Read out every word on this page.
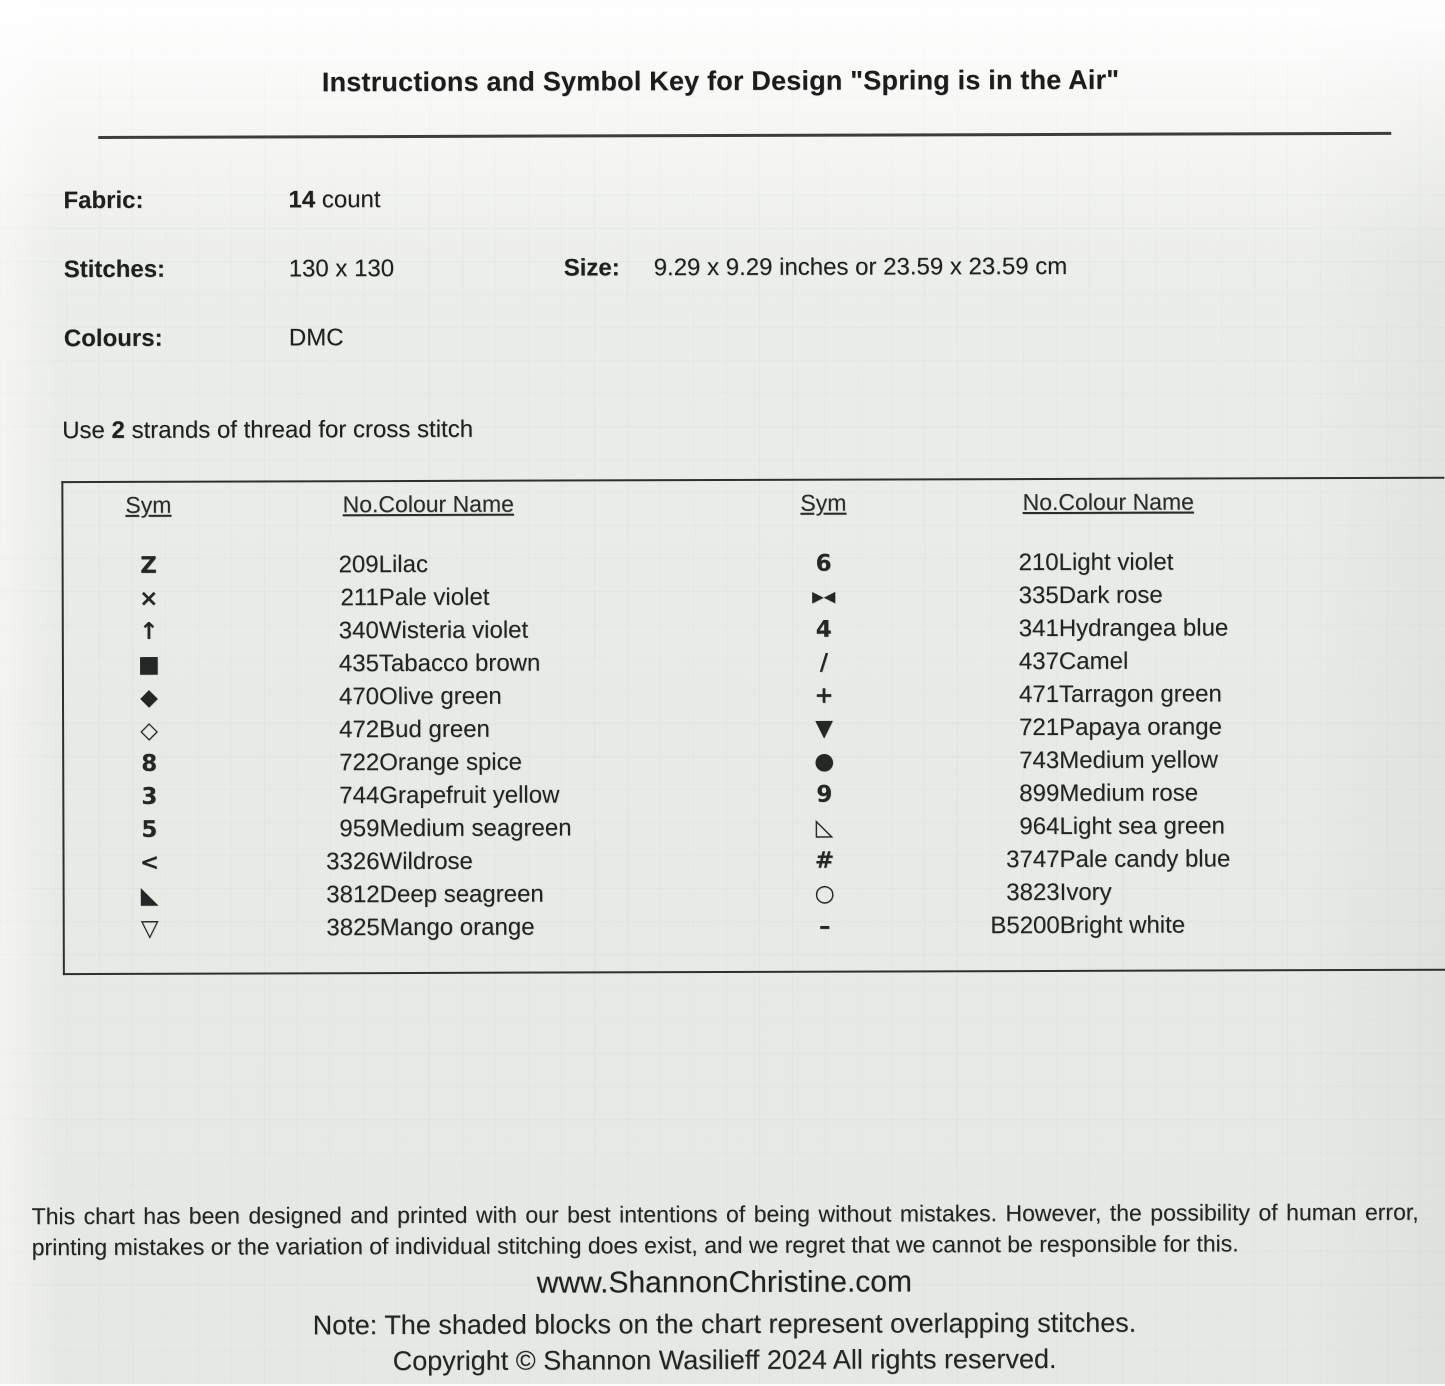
Instructions and Symbol Key for Design "Spring is in the Air"
Fabric:	14 count
Stitches:	130 x 130	Size:	9.29 x 9.29 inches or 23.59 x 23.59 cm
Colours:	DMC

Use 2 strands of thread for cross stitch

Sym	No.	Colour Name	Sym	No.	Colour Name
Z	209	Lilac	6	210	Light violet
×	211	Pale violet	▸◂	335	Dark rose
↑	340	Wisteria violet	4	341	Hydrangea blue
■	435	Tabacco brown	/	437	Camel
◆	470	Olive green	+	471	Tarragon green
◇	472	Bud green	▼	721	Papaya orange
8	722	Orange spice	●	743	Medium yellow
3	744	Grapefruit yellow	9	899	Medium rose
5	959	Medium seagreen	◺	964	Light sea green
<	3326	Wildrose	#	3747	Pale candy blue
◣	3812	Deep seagreen	○	3823	Ivory
▽	3825	Mango orange	–	B5200	Bright white

This chart has been designed and printed with our best intentions of being without mistakes. However, the possibility of human error, printing mistakes or the variation of individual stitching does exist, and we regret that we cannot be responsible for this.

www.ShannonChristine.com
Note: The shaded blocks on the chart represent overlapping stitches.
Copyright © Shannon Wasilieff 2024 All rights reserved.
